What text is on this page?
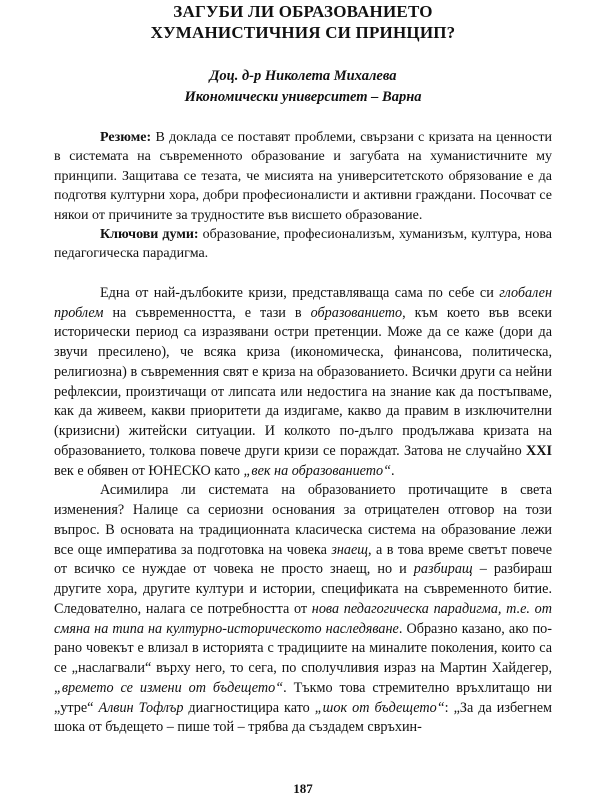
ЗАГУБИ ЛИ ОБРАЗОВАНИЕТО
ХУМАНИСТИЧНИЯ СИ ПРИНЦИП?
Доц. д-р Николета Михалева
Икономически университет – Варна

Резюме: В доклада се поставят проблеми, свързани с кризата на ценности в системата на съвременното образование и загубата на хуманистичните му принципи. Защитава се тезата, че мисията на университетското обрязование е да подготвя културни хора, добри професионалисти и активни граждани. Посочват се някои от причините за трудностите във висшето образование.

Ключови думи: образование, професионализъм, хуманизъм, култура, нова педагогическа парадигма.

Една от най-дълбоките кризи, представляваща сама по себе си глобален проблем на съвременността, е тази в образованието, към което във всеки исторически период са изразявани остри претенции. Може да се каже (дори да звучи пресилено), че всяка криза (икономическа, финансова, политическа, религиозна) в съвременния свят е криза на образованието. Всички други са нейни рефлексии, произтичащи от липсата или недостига на знание как да постъпваме, как да живеем, какви приоритети да издигаме, какво да правим в изключителни (кризисни) житейски ситуации. И колкото по-дълго продължава кризата на образованието, толкова повече други кризи се пораждат. Затова не случайно XXI век е обявен от ЮНЕСКО като „век на образованието“.

Асимилира ли системата на образованието протичащите в света изменения? Налице са сериозни основания за отрицателен отговор на този въпрос. В основата на традиционната класическа система на образование лежи все още императива за подготовка на човека знаещ, а в това време светът повече от всичко се нуждае от човека не просто знаещ, но и разбиращ – разбираш другите хора, другите култури и истории, спецификата на съвременното битие. Следователно, налага се потребността от нова педагогическа парадигма, т.е. от смяна на типа на културно-историческото наследяване. Образно казано, ако по-рано човекът е влизал в историята с традициите на миналите поколения, които са се „наслагвали“ върху него, то сега, по сполучливия израз на Мартин Хайдегер, „времето се измени от бъдещето“. Тъкмо това стремително връхлитащо ни „утре“ Алвин Тофлър диагностицира като „шок от бъдещето“: „За да избегнем шока от бъдещето – пише той – трябва да създадем свръхин-

187
